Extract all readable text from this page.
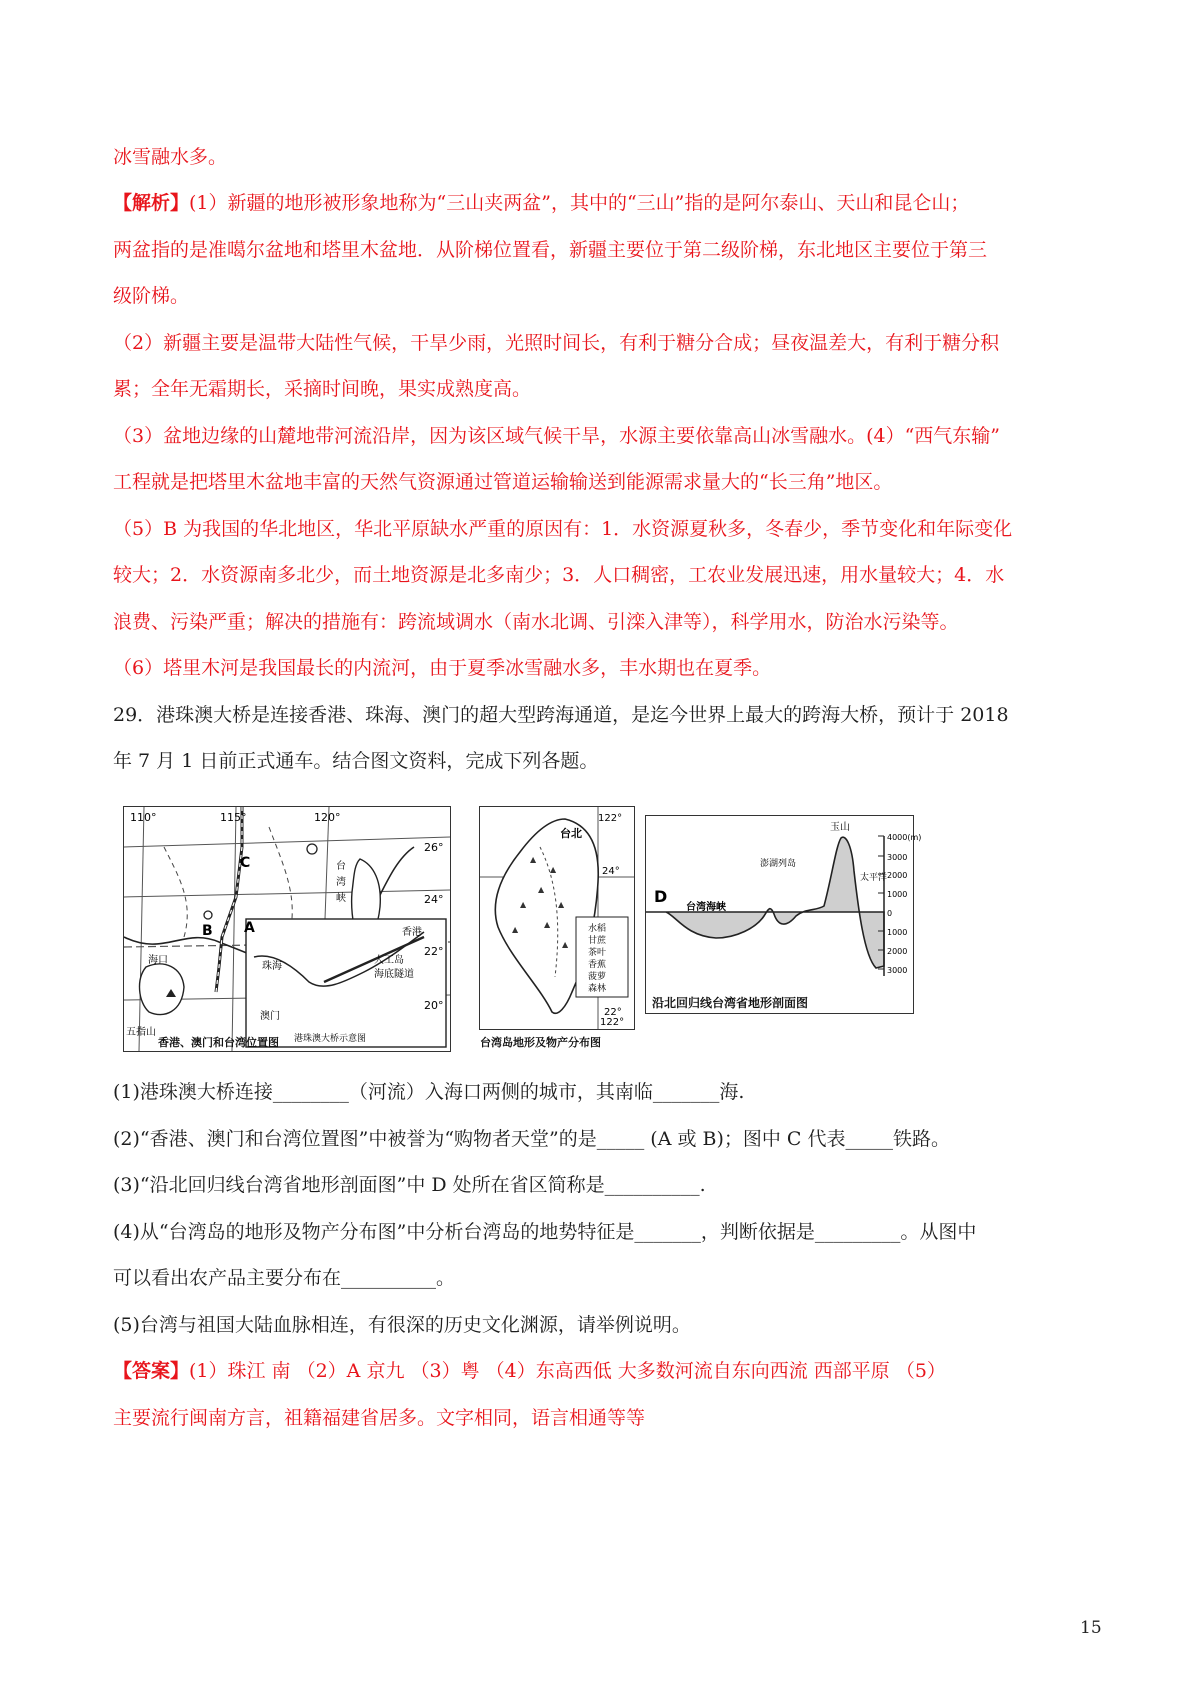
冰雪融水多。
【解析】(1）新疆的地形被形象地称为“三山夹两盆”，其中的“三山”指的是阿尔泰山、天山和昆仑山；
两盆指的是准噶尔盆地和塔里木盆地．从阶梯位置看，新疆主要位于第二级阶梯，东北地区主要位于第三
级阶梯。
（2）新疆主要是温带大陆性气候，干旱少雨，光照时间长，有利于糖分合成；昼夜温差大，有利于糖分积
累；全年无霜期长，采摘时间晚，果实成熟度高。
（3）盆地边缘的山麓地带河流沿岸，因为该区域气候干旱，水源主要依靠高山冰雪融水。(4）“西气东输”
工程就是把塔里木盆地丰富的天然气资源通过管道运输输送到能源需求量大的“长三角”地区。
（5）B 为我国的华北地区，华北平原缺水严重的原因有：1．水资源夏秋多，冬春少，季节变化和年际变化
较大；2．水资源南多北少，而土地资源是北多南少；3．人口稠密，工农业发展迅速，用水量较大；4．水
浪费、污染严重；解决的措施有：跨流域调水（南水北调、引滦入津等），科学用水，防治水污染等。
（6）塔里木河是我国最长的内流河，由于夏季冰雪融水多，丰水期也在夏季。
29．港珠澳大桥是连接香港、珠海、澳门的超大型跨海通道，是迄今世界上最大的跨海大桥，预计于 2018
年 7 月 1 日前正式通车。结合图文资料，完成下列各题。
110°	115°	120°
26°
24°
22°
20°
B
C
A
海口
五指山
台
湾
峡
珠海
香港
澳门
人工岛
海底隧道
港珠澳大桥示意图
香港、澳门和台湾位置图
▲
▲
▲
▲
▲
▲
▲
▲
台北
122°
122°
24°
22°
水稻
甘蔗
茶叶
香蕉
菠萝
森林
台湾岛地形及物产分布图
D
台湾海峡
澎湖列岛
玉山
太平洋
4000(m)
3000
2000
1000
0
1000
2000
3000
沿北回归线台湾省地形剖面图
(1)港珠澳大桥连接________（河流）入海口两侧的城市，其南临_______海.
(2)“香港、澳门和台湾位置图”中被誉为“购物者天堂”的是_____ (A 或 B)；图中 C 代表_____铁路。
(3)“沿北回归线台湾省地形剖面图”中 D 处所在省区简称是__________.
(4)从“台湾岛的地形及物产分布图”中分析台湾岛的地势特征是_______，判断依据是_________。从图中
可以看出农产品主要分布在__________。
(5)台湾与祖国大陆血脉相连，有很深的历史文化渊源，请举例说明。
【答案】(1）珠江 南 （2）A 京九 （3）粤 （4）东高西低 大多数河流自东向西流 西部平原 （5）
主要流行闽南方言，祖籍福建省居多。文字相同，语言相通等等
15
